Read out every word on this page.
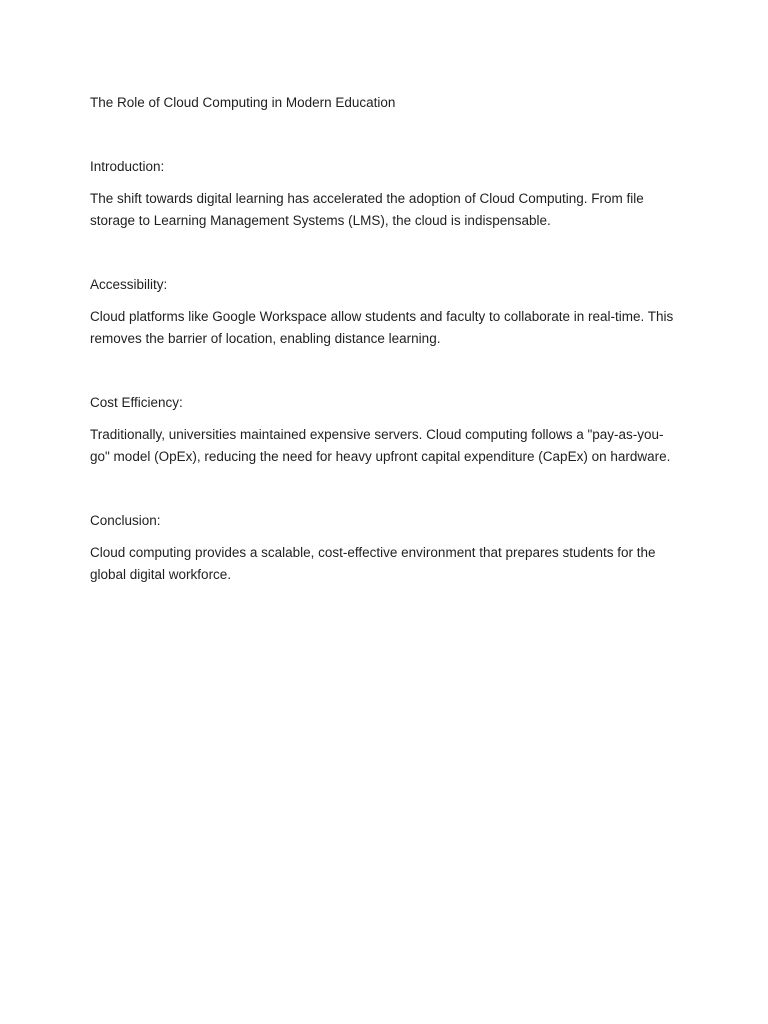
The Role of Cloud Computing in Modern Education
Introduction:

The shift towards digital learning has accelerated the adoption of Cloud Computing. From file storage to Learning Management Systems (LMS), the cloud is indispensable.

Accessibility:

Cloud platforms like Google Workspace allow students and faculty to collaborate in real-time. This removes the barrier of location, enabling distance learning.

Cost Efficiency:

Traditionally, universities maintained expensive servers. Cloud computing follows a "pay-as-you-go" model (OpEx), reducing the need for heavy upfront capital expenditure (CapEx) on hardware.

Conclusion:

Cloud computing provides a scalable, cost-effective environment that prepares students for the global digital workforce.
